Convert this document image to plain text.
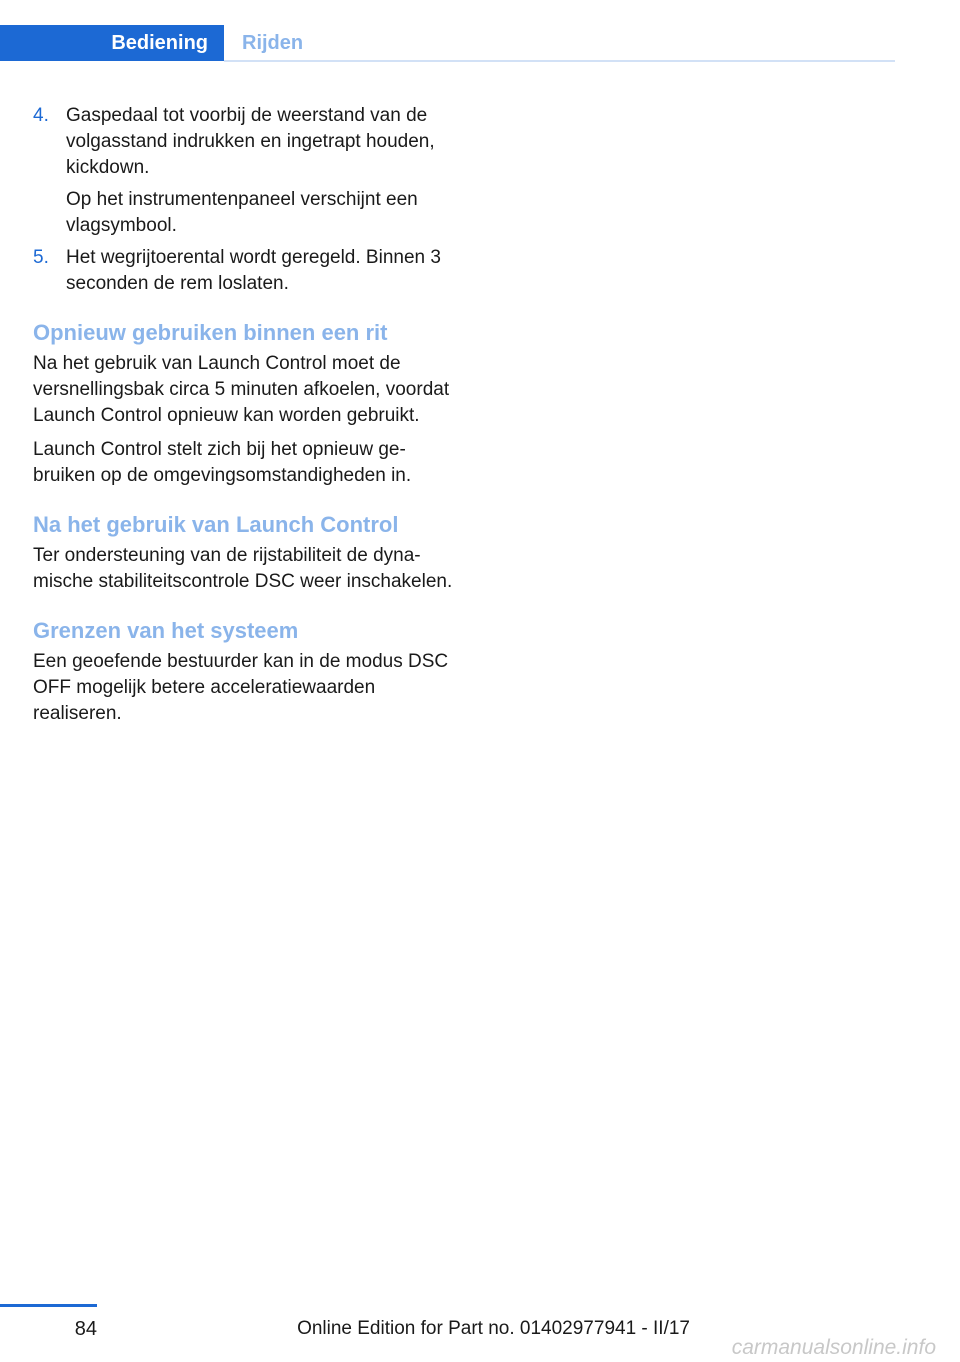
Bediening	Rijden
4. Gaspedaal tot voorbij de weerstand van de volgasstand indrukken en ingetrapt houden, kickdown.

Op het instrumentenpaneel verschijnt een vlagsymbool.

5. Het wegrijtoerental wordt geregeld. Binnen 3 seconden de rem loslaten.

Opnieuw gebruiken binnen een rit

Na het gebruik van Launch Control moet de versnellingsbak circa 5 minuten afkoelen, voordat Launch Control opnieuw kan worden gebruikt.

Launch Control stelt zich bij het opnieuw gebruiken op de omgevingsomstandigheden in.

Na het gebruik van Launch Control

Ter ondersteuning van de rijstabiliteit de dynamische stabiliteitscontrole DSC weer inschakelen.

Grenzen van het systeem

Een geoefende bestuurder kan in de modus DSC OFF mogelijk betere acceleratiewaarden realiseren.

84	Online Edition for Part no. 01402977941 - II/17
carmanualsonline.info
